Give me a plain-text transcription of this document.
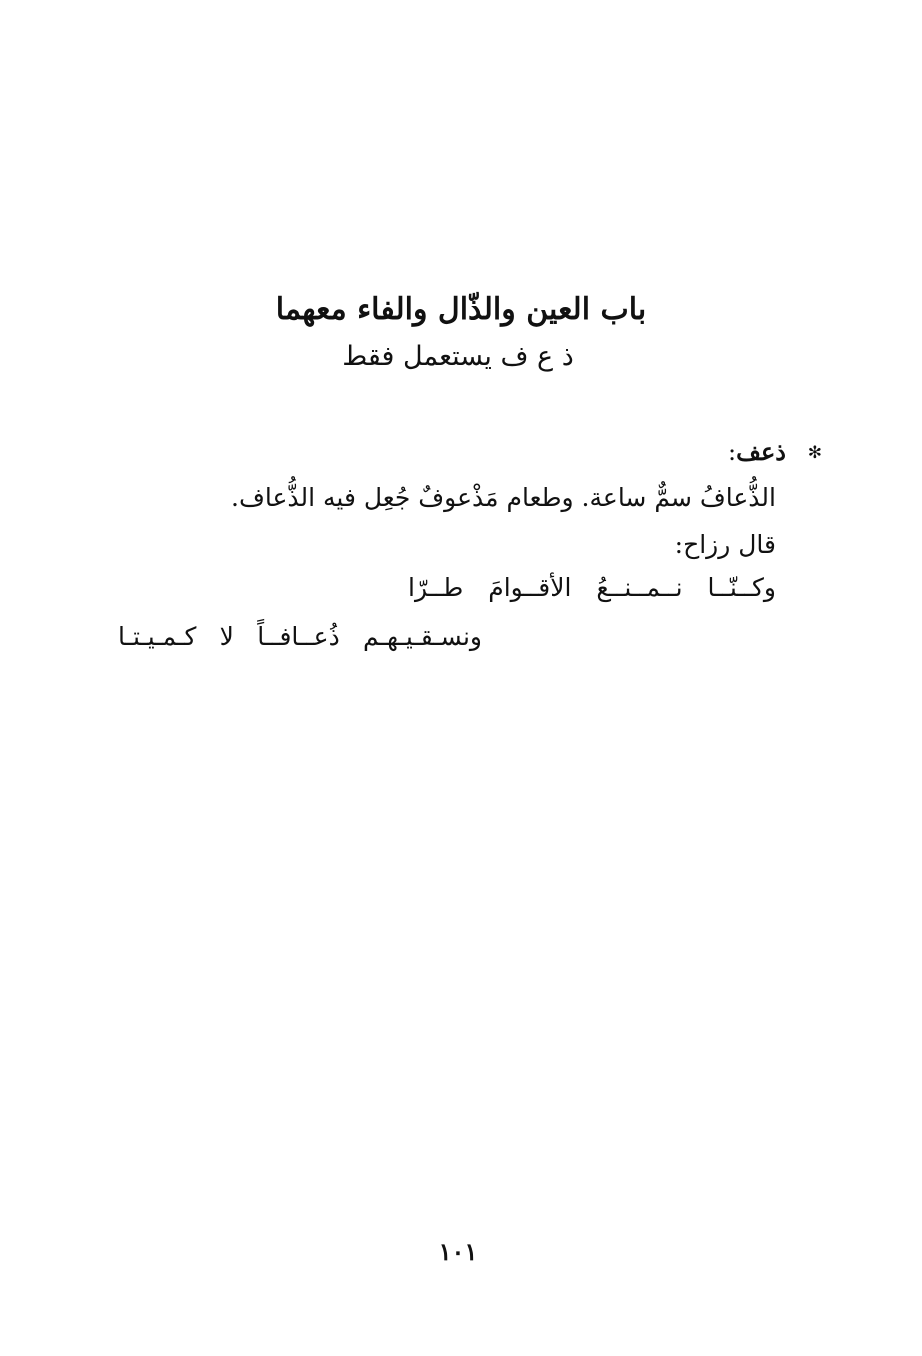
باب العين والذّال والفاء معهما
ذ ع ف يستعمل فقط
✻ذعف:
الذُّعافُ سمٌّ ساعة. وطعام مَذْعوفٌ جُعِل فيه الذُّعاف.
قال رزاح:
وكــنّــا نــمــنــعُ الأقــوامَ طــرّا
ونسـقـيـهـم ذُعــافــاً لا كـمـيـتـا
١٠١
